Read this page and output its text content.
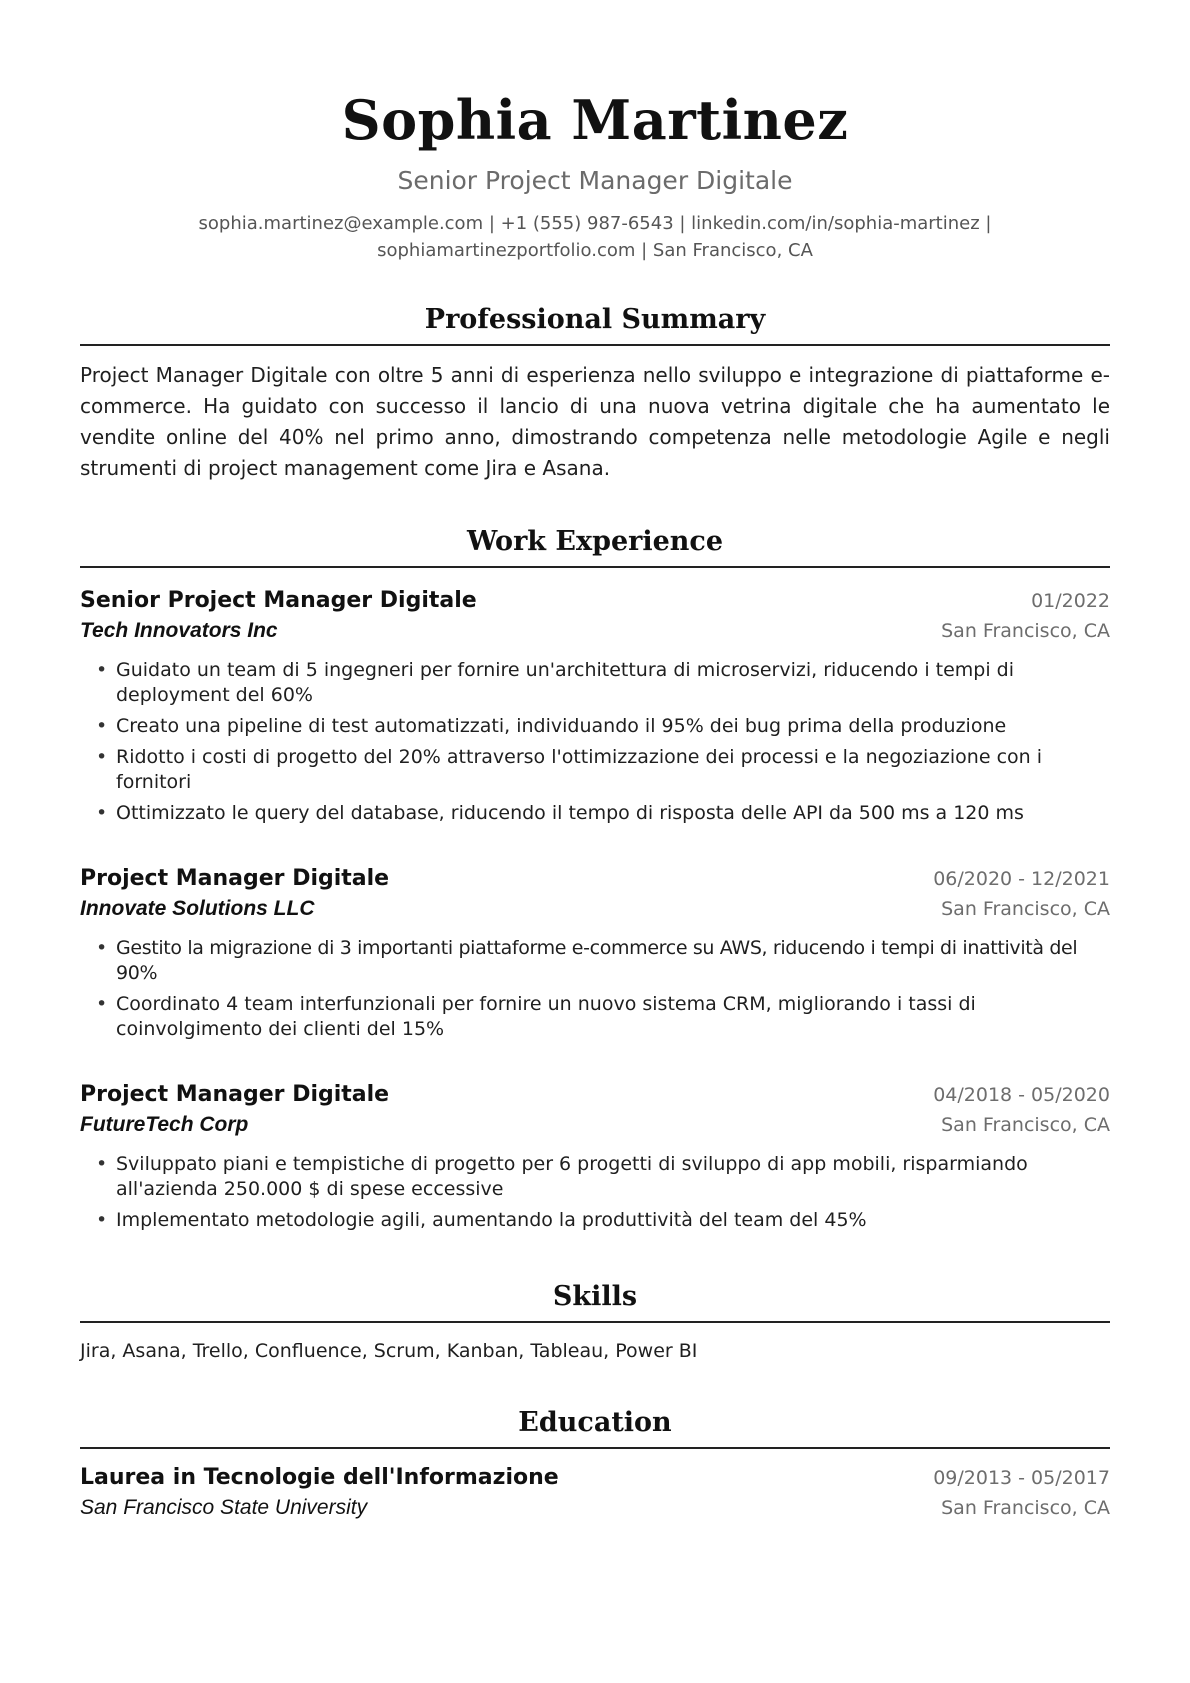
Sophia Martinez
Senior Project Manager Digitale
sophia.martinez@example.com | +1 (555) 987-6543 | linkedin.com/in/sophia-martinez |
sophiamartinezportfolio.com | San Francisco, CA
Professional Summary

Project Manager Digitale con oltre 5 anni di esperienza nello sviluppo e integrazione di piattaforme e-commerce. Ha guidato con successo il lancio di una nuova vetrina digitale che ha aumentato le vendite online del 40% nel primo anno, dimostrando competenza nelle metodologie Agile e negli strumenti di project management come Jira e Asana.

Work Experience
Senior Project Manager Digitale	01/2022
Tech Innovators Inc	San Francisco, CA
• Guidato un team di 5 ingegneri per fornire un'architettura di microservizi, riducendo i tempi di deployment del 60%
• Creato una pipeline di test automatizzati, individuando il 95% dei bug prima della produzione
• Ridotto i costi di progetto del 20% attraverso l'ottimizzazione dei processi e la negoziazione con i fornitori
• Ottimizzato le query del database, riducendo il tempo di risposta delle API da 500 ms a 120 ms
Project Manager Digitale	06/2020 - 12/2021
Innovate Solutions LLC	San Francisco, CA
• Gestito la migrazione di 3 importanti piattaforme e-commerce su AWS, riducendo i tempi di inattività del 90%
• Coordinato 4 team interfunzionali per fornire un nuovo sistema CRM, migliorando i tassi di coinvolgimento dei clienti del 15%
Project Manager Digitale	04/2018 - 05/2020
FutureTech Corp	San Francisco, CA
• Sviluppato piani e tempistiche di progetto per 6 progetti di sviluppo di app mobili, risparmiando all'azienda 250.000 $ di spese eccessive
• Implementato metodologie agili, aumentando la produttività del team del 45%
Skills

Jira, Asana, Trello, Confluence, Scrum, Kanban, Tableau, Power BI

Education
Laurea in Tecnologie dell'Informazione	09/2013 - 05/2017
San Francisco State University	San Francisco, CA
